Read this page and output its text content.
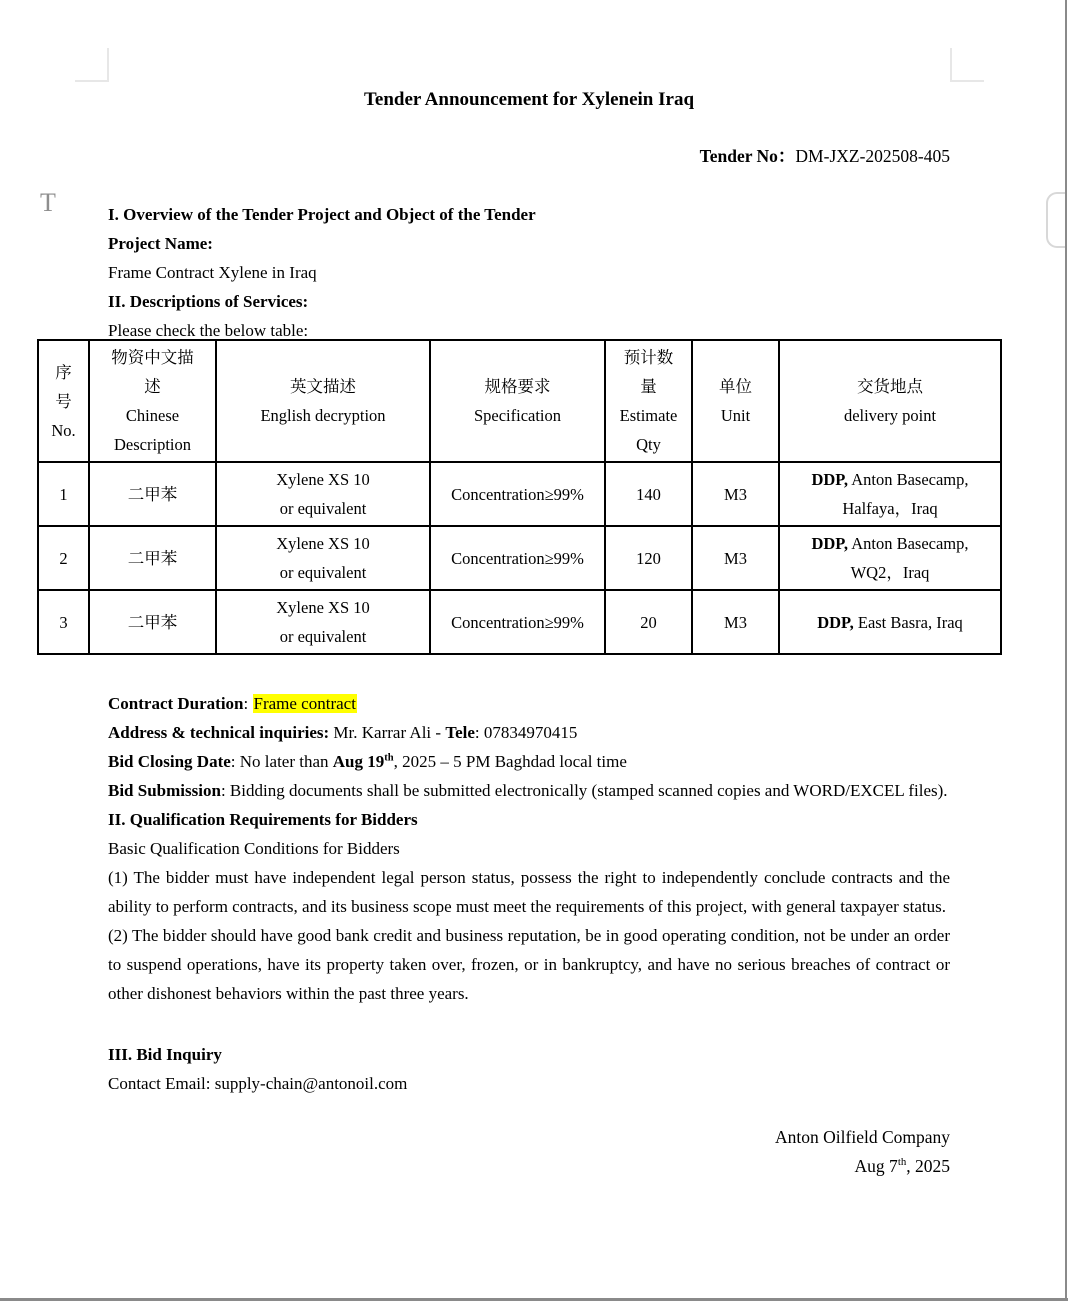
T
Tender Announcement for Xylenein Iraq

Tender No：DM-JXZ-202508-405

I. Overview of the Tender Project and Object of the Tender

Project Name:

Frame Contract Xylene in Iraq

II. Descriptions of Services:

Please check the below table:

序
号
No.	物资中文描
述
Chinese
Description	英文描述
English decryption	规格要求
Specification	预计数
量
Estimate
Qty	单位
Unit	交货地点
delivery point

1	二甲苯	Xylene XS 10
or equivalent	Concentration≥99%	140	M3	DDP, Anton Basecamp,
Halfaya，Iraq

2	二甲苯	Xylene XS 10
or equivalent	Concentration≥99%	120	M3	DDP, Anton Basecamp,
WQ2，Iraq

3	二甲苯	Xylene XS 10
or equivalent	Concentration≥99%	20	M3	DDP, East Basra, Iraq

Contract Duration: Frame contract

Address & technical inquiries: Mr. Karrar Ali - Tele: 07834970415

Bid Closing Date: No later than Aug 19th, 2025 – 5 PM Baghdad local time

Bid Submission: Bidding documents shall be submitted electronically (stamped scanned copies and WORD/EXCEL files).

II. Qualification Requirements for Bidders

Basic Qualification Conditions for Bidders

(1) The bidder must have independent legal person status, possess the right to independently conclude contracts and the ability to perform contracts, and its business scope must meet the requirements of this project, with general taxpayer status.

(2) The bidder should have good bank credit and business reputation, be in good operating condition, not be under an order to suspend operations, have its property taken over, frozen, or in bankruptcy, and have no serious breaches of contract or other dishonest behaviors within the past three years.

III. Bid Inquiry

Contact Email: supply-chain@antonoil.com

Anton Oilfield Company

Aug 7th, 2025
